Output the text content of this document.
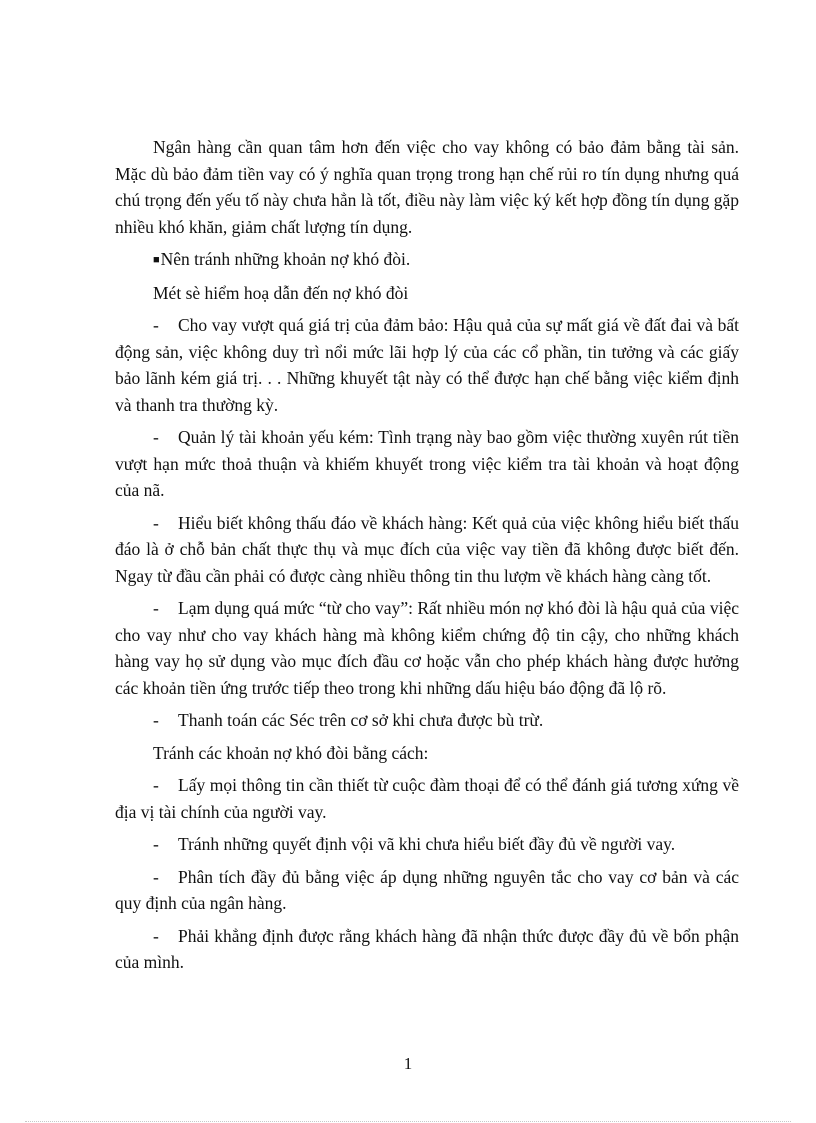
Ngân hàng cần quan tâm hơn đến việc cho vay không có bảo đảm bằng tài sản. Mặc dù bảo đảm tiền vay có ý nghĩa quan trọng trong hạn chế rủi ro tín dụng nhưng quá chú trọng đến yếu tố này chưa hẳn là tốt, điều này làm việc ký kết hợp đồng tín dụng gặp nhiều khó khăn, giảm chất lượng tín dụng.

■Nên tránh những khoản nợ khó đòi.

Mét sè hiểm hoạ dẫn đến nợ khó đòi

- Cho vay vượt quá giá trị của đảm bảo: Hậu quả của sự mất giá về đất đai và bất động sản, việc không duy trì nổi mức lãi hợp lý của các cổ phần, tin tưởng và các giấy bảo lãnh kém giá trị. . . Những khuyết tật này có thể được hạn chế bằng việc kiểm định và thanh tra thường kỳ.

- Quản lý tài khoản yếu kém: Tình trạng này bao gồm việc thường xuyên rút tiền vượt hạn mức thoả thuận và khiếm khuyết trong việc kiểm tra tài khoản và hoạt động của nã.

- Hiểu biết không thấu đáo về khách hàng: Kết quả của việc không hiểu biết thấu đáo là ở chỗ bản chất thực thụ và mục đích của việc vay tiền đã không được biết đến. Ngay từ đầu cần phải có được càng nhiều thông tin thu lượm về khách hàng càng tốt.

- Lạm dụng quá mức “từ cho vay”: Rất nhiều món nợ khó đòi là hậu quả của việc cho vay như cho vay khách hàng mà không kiểm chứng độ tin cậy, cho những khách hàng vay họ sử dụng vào mục đích đầu cơ hoặc vẫn cho phép khách hàng được hưởng các khoản tiền ứng trước tiếp theo trong khi những dấu hiệu báo động đã lộ rõ.

- Thanh toán các Séc trên cơ sở khi chưa được bù trừ.

Tránh các khoản nợ khó đòi bằng cách:

- Lấy mọi thông tin cần thiết từ cuộc đàm thoại để có thể đánh giá tương xứng về địa vị tài chính của người vay.

- Tránh những quyết định vội vã khi chưa hiểu biết đầy đủ về người vay.

- Phân tích đầy đủ bằng việc áp dụng những nguyên tắc cho vay cơ bản và các quy định của ngân hàng.

- Phải khẳng định được rằng khách hàng đã nhận thức được đầy đủ về bổn phận của mình.

1
